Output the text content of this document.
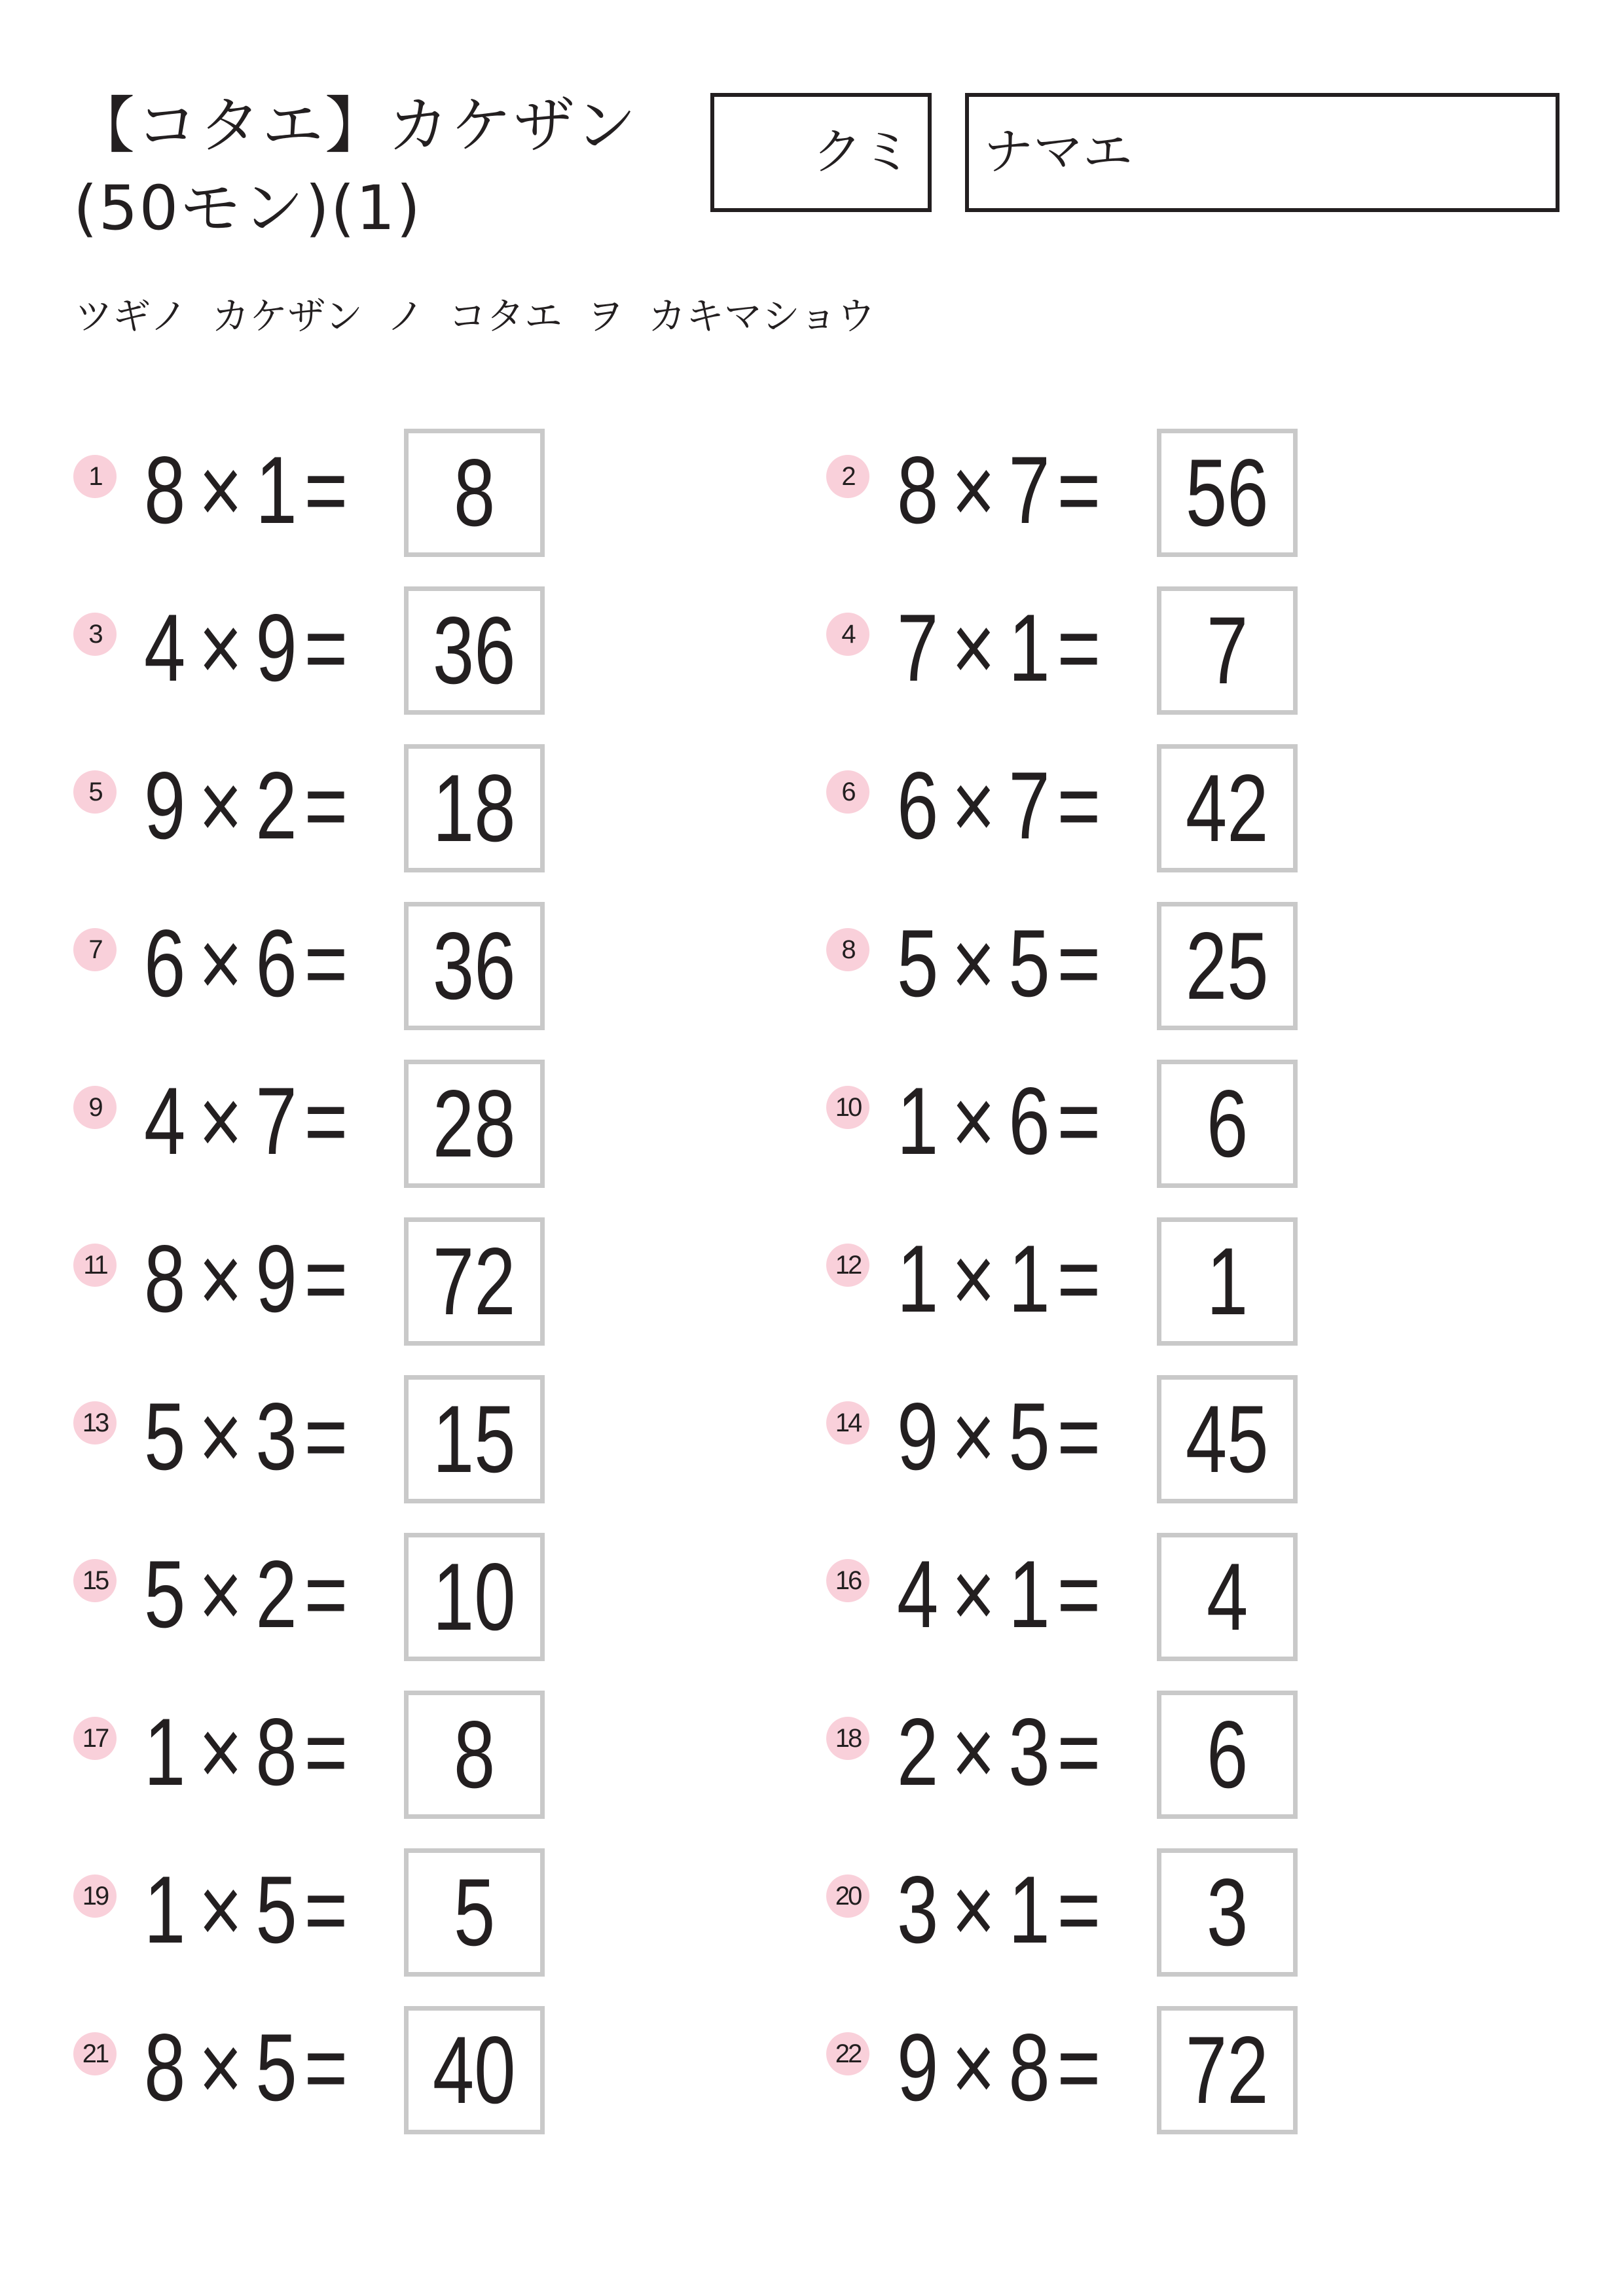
【コタエ】カケザン
(50モン)(1)
クミ ナマエ

ツギノ カケザン ノ コタエ ヲ カキマショウ

1 8 × 1=	8	2 8 × 7= 56
3 4 × 9= 36	4 7 × 1=	7
5 9 × 2= 18	6 6 × 7= 42
7 6 × 6= 36	8 5 × 5= 25
9 4 × 7= 28	10 1 × 6=	6
11 8 × 9= 72	12 1 × 1=	1
13 5 × 3= 15	14 9 × 5= 45
15 5 × 2= 10	16 4 × 1=	4
17 1 × 8=	8	18 2 × 3=	6
19 1 × 5=	5	20 3 × 1=	3
21 8 × 5= 40	22 9 × 8= 72
